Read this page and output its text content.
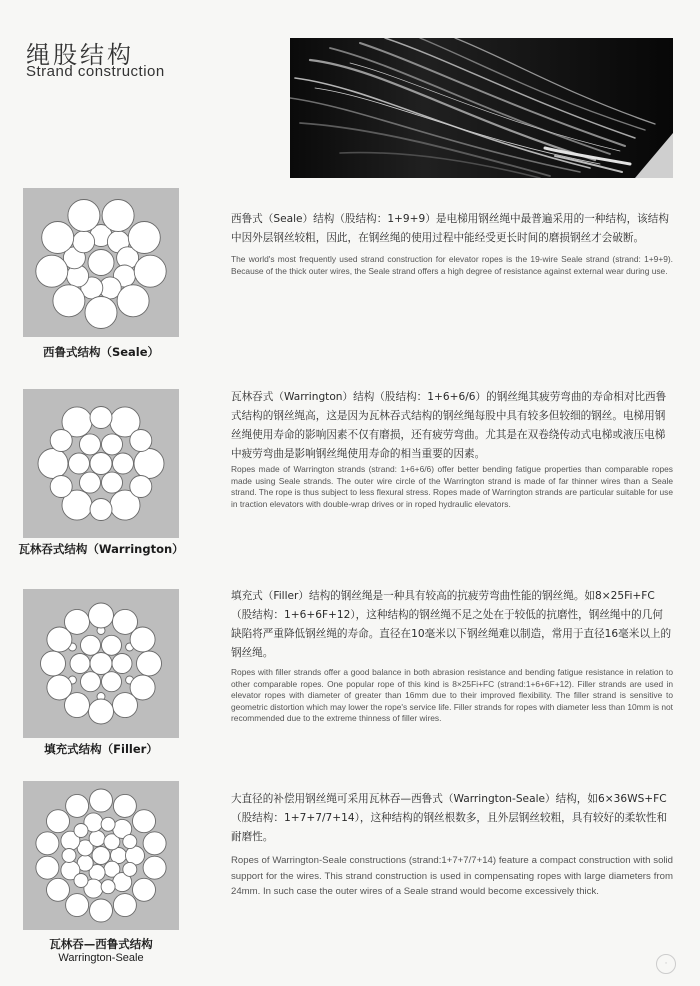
绳股结构
Strand construction
西鲁式结构（Seale）

西鲁式（Seale）结构（股结构：1+9+9）是电梯用钢丝绳中最普遍采用的一种结构，该结构中因外层钢丝较粗，因此，在钢丝绳的使用过程中能经受更长时间的磨损钢丝才会破断。

The world's most frequently used strand construction for elevator ropes is the 19-wire Seale strand (strand: 1+9+9). Because of the thick outer wires, the Seale strand offers a high degree of resistance against external wear during use.

瓦林吞式结构（Warrington）

瓦林吞式（Warrington）结构（股结构：1+6+6/6）的钢丝绳其疲劳弯曲的寿命相对比西鲁式结构的钢丝绳高，这是因为瓦林吞式结构的钢丝绳每股中具有较多但较细的钢丝。电梯用钢丝绳使用寿命的影响因素不仅有磨损，还有疲劳弯曲。尤其是在双卷绕传动式电梯或液压电梯中疲劳弯曲是影响钢丝绳使用寿命的相当重要的因素。

Ropes made of Warrington strands (strand: 1+6+6/6) offer better bending fatigue properties than comparable ropes made using Seale strands. The outer wire circle of the Warrington strand is made of far thinner wires than a Seale strand. The rope is thus subject to less flexural stress. Ropes made of Warrington strands are particular suitable for use in traction elevators with double-wrap drives or in roped hydraulic elevators.

填充式结构（Filler）

填充式（Filler）结构的钢丝绳是一种具有较高的抗疲劳弯曲性能的钢丝绳。如8×25Fi+FC（股结构：1+6+6F+12），这种结构的钢丝绳不足之处在于较低的抗磨性，钢丝绳中的几何缺陷将严重降低钢丝绳的寿命。直径在10毫米以下钢丝绳难以制造，常用于直径16毫米以上的钢丝绳。

Ropes with filler strands offer a good balance in both abrasion resistance and bending fatigue resistance in relation to other comparable ropes. One popular rope of this kind is 8×25Fi+FC (strand:1+6+6F+12). Filler strands are used in elevator ropes with diameter of greater than 16mm due to their improved flexibility. The filler strand is sensitive to geometric distortion which may lower the rope's service life. Filler strands for ropes with diameter less than 10mm is not recommended due to the extreme thinness of filler wires.

瓦林吞—西鲁式结构
Warrington-Seale

大直径的补偿用钢丝绳可采用瓦林吞—西鲁式（Warrington-Seale）结构，如6×36WS+FC（股结构：1+7+7/7+14），这种结构的钢丝根数多，且外层钢丝较粗，具有较好的柔软性和耐磨性。

Ropes of Warrington-Seale constructions (strand:1+7+7/7+14) feature a compact construction with solid support for the wires. This strand construction is used in compensating ropes with large diameters from 24mm. In such case the outer wires of a Seale strand would become excessively thick.

·
